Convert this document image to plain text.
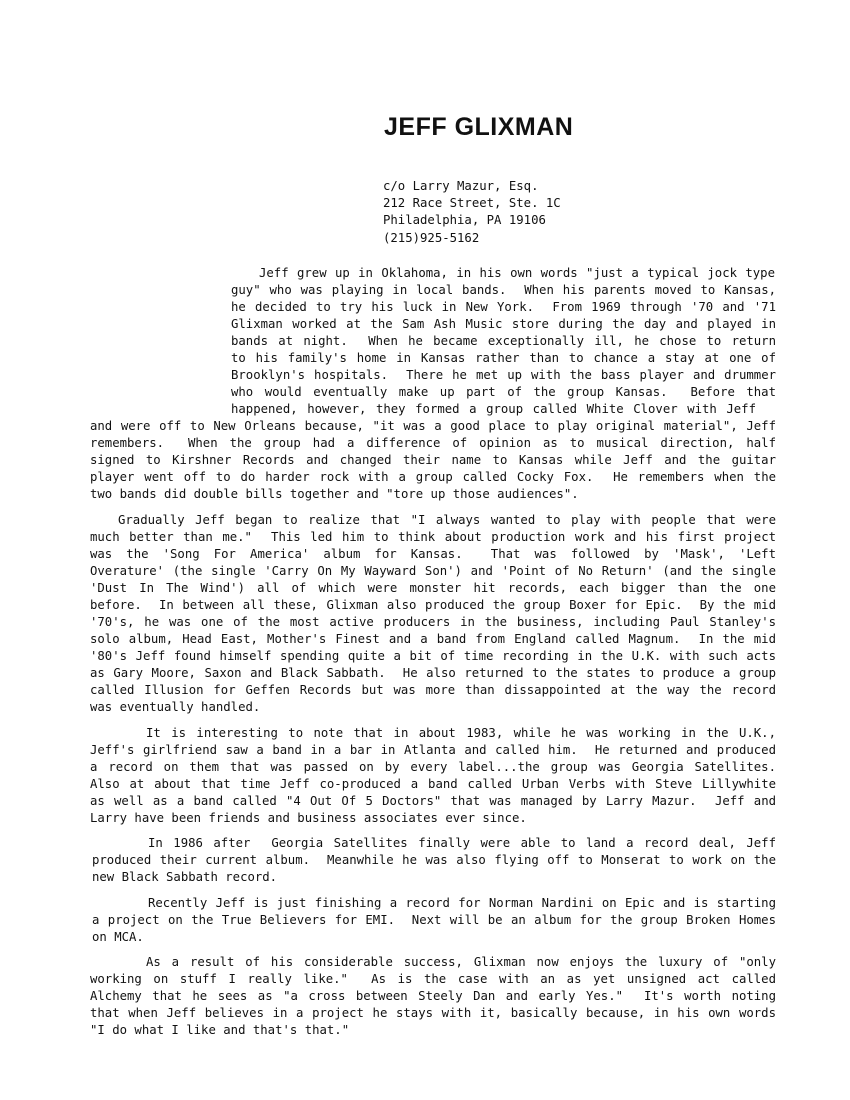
JEFF GLIXMAN
c/o Larry Mazur, Esq.
212 Race Street, Ste. 1C
Philadelphia, PA 19106
(215)925-5162
Jeff grew up in Oklahoma, in his own words "just a typical jock type
guy" who was playing in local bands.  When his parents moved to Kansas,
he decided to try his luck in New York.  From 1969 through '70 and '71
Glixman worked at the Sam Ash Music store during the day and played in
bands at night.  When he became exceptionally ill, he chose to return
to his family's home in Kansas rather than to chance a stay at one of
Brooklyn's hospitals.  There he met up with the bass player and drummer
who would eventually make up part of the group Kansas.  Before that
happened, however, they formed a group called White Clover with Jeff
and were off to New Orleans because, "it was a good place to play original material", Jeff
remembers.  When the group had a difference of opinion as to musical direction, half
signed to Kirshner Records and changed their name to Kansas while Jeff and the guitar
player went off to do harder rock with a group called Cocky Fox.  He remembers when the
two bands did double bills together and "tore up those audiences".
Gradually Jeff began to realize that "I always wanted to play with people that were
much better than me."  This led him to think about production work and his first project
was the 'Song For America' album for Kansas.  That was followed by 'Mask', 'Left
Overature' (the single 'Carry On My Wayward Son') and 'Point of No Return' (and the single
'Dust In The Wind') all of which were monster hit records, each bigger than the one
before.  In between all these, Glixman also produced the group Boxer for Epic.  By the mid
'70's, he was one of the most active producers in the business, including Paul Stanley's
solo album, Head East, Mother's Finest and a band from England called Magnum.  In the mid
'80's Jeff found himself spending quite a bit of time recording in the U.K. with such acts
as Gary Moore, Saxon and Black Sabbath.  He also returned to the states to produce a group
called Illusion for Geffen Records but was more than dissappointed at the way the record
was eventually handled.
It is interesting to note that in about 1983, while he was working in the U.K.,
Jeff's girlfriend saw a band in a bar in Atlanta and called him.  He returned and produced
a record on them that was passed on by every label...the group was Georgia Satellites.
Also at about that time Jeff co-produced a band called Urban Verbs with Steve Lillywhite
as well as a band called "4 Out Of 5 Doctors" that was managed by Larry Mazur.  Jeff and
Larry have been friends and business associates ever since.
In 1986 after  Georgia Satellites finally were able to land a record deal, Jeff
produced their current album.  Meanwhile he was also flying off to Monserat to work on the
new Black Sabbath record.
Recently Jeff is just finishing a record for Norman Nardini on Epic and is starting
a project on the True Believers for EMI.  Next will be an album for the group Broken Homes
on MCA.
As a result of his considerable success, Glixman now enjoys the luxury of "only
working on stuff I really like."  As is the case with an as yet unsigned act called
Alchemy that he sees as "a cross between Steely Dan and early Yes."  It's worth noting
that when Jeff believes in a project he stays with it, basically because, in his own words
"I do what I like and that's that."
